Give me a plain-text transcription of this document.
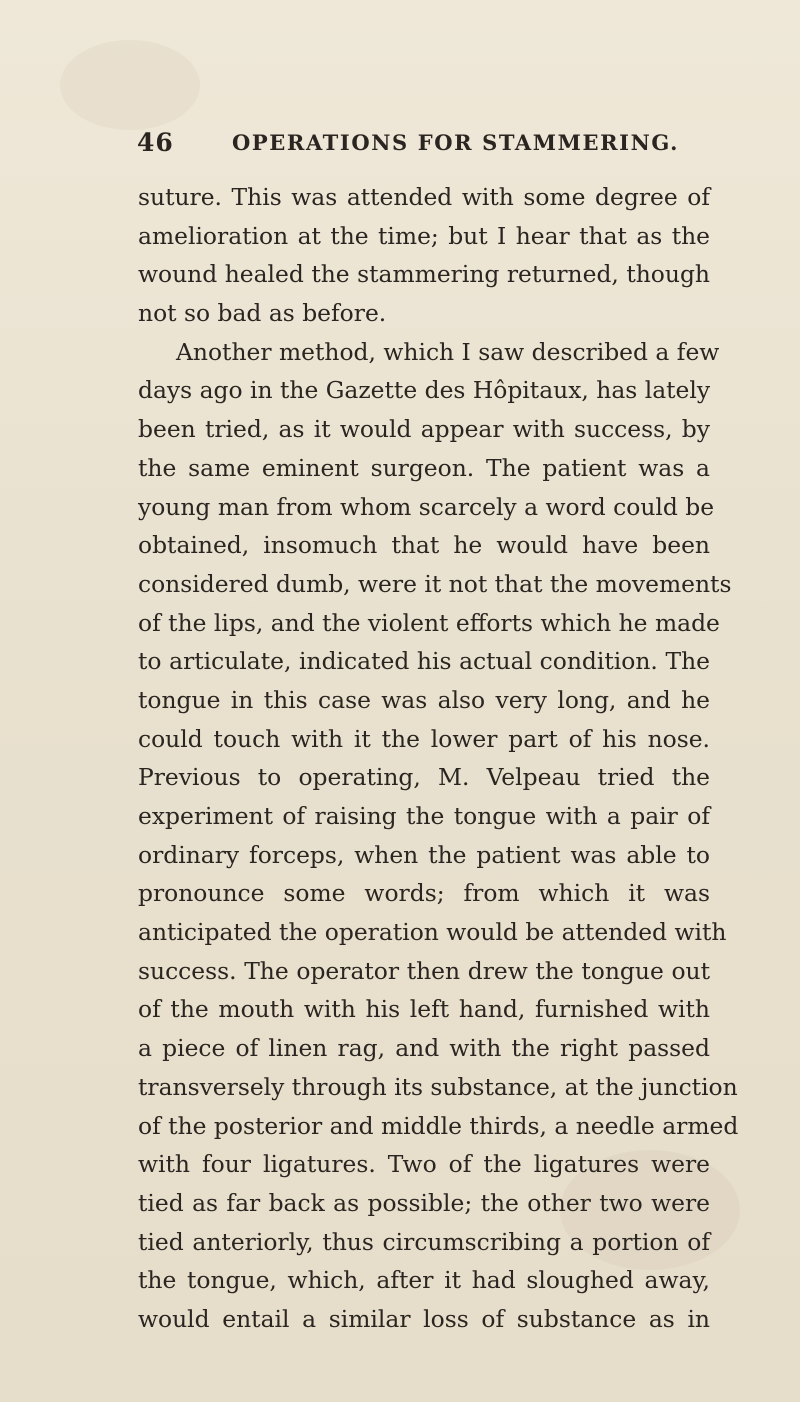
46	OPERATIONS FOR STAMMERING.
suture. This was attended with some degree of
amelioration at the time; but I hear that as the
wound healed the stammering returned, though
not so bad as before.
Another method, which I saw described a few
days ago in the Gazette des Hôpitaux, has lately
been tried, as it would appear with success, by
the same eminent surgeon. The patient was a
young man from whom scarcely a word could be
obtained, insomuch that he would have been
considered dumb, were it not that the movements
of the lips, and the violent efforts which he made
to articulate, indicated his actual condition. The
tongue in this case was also very long, and he
could touch with it the lower part of his nose.
Previous to operating, M. Velpeau tried the
experiment of raising the tongue with a pair of
ordinary forceps, when the patient was able to
pronounce some words; from which it was
anticipated the operation would be attended with
success. The operator then drew the tongue out
of the mouth with his left hand, furnished with
a piece of linen rag, and with the right passed
transversely through its substance, at the junction
of the posterior and middle thirds, a needle armed
with four ligatures. Two of the ligatures were
tied as far back as possible; the other two were
tied anteriorly, thus circumscribing a portion of
the tongue, which, after it had sloughed away,
would entail a similar loss of substance as in
